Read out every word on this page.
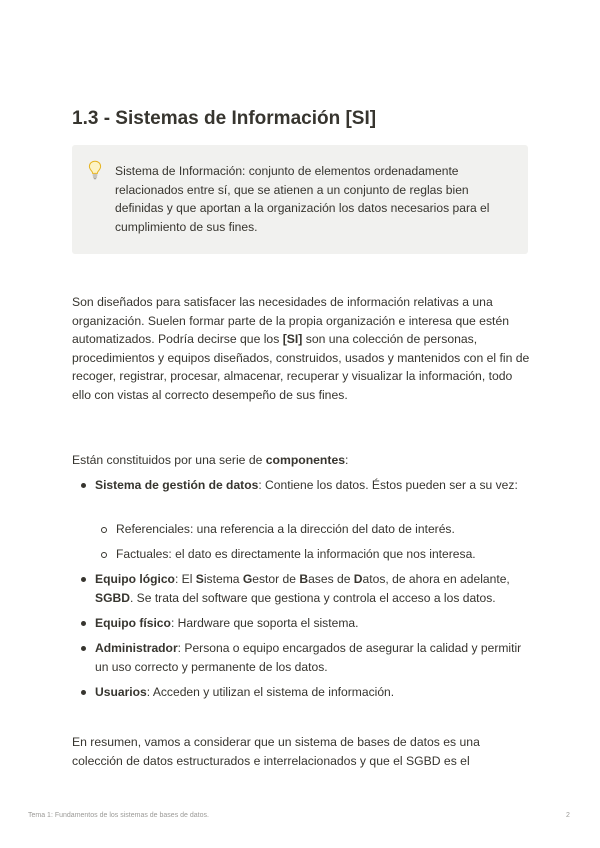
1.3 - Sistemas de Información [SI]
Sistema de Información: conjunto de elementos ordenadamente relacionados entre sí, que se atienen a un conjunto de reglas bien definidas y que aportan a la organización los datos necesarios para el cumplimiento de sus fines.

Son diseñados para satisfacer las necesidades de información relativas a una organización. Suelen formar parte de la propia organización e interesa que estén automatizados. Podría decirse que los [SI] son una colección de personas, procedimientos y equipos diseñados, construidos, usados y mantenidos con el fin de recoger, registrar, procesar, almacenar, recuperar y visualizar la información, todo ello con vistas al correcto desempeño de sus fines.

Están constituidos por una serie de componentes:

Sistema de gestión de datos: Contiene los datos. Éstos pueden ser a su vez:
Referenciales: una referencia a la dirección del dato de interés.
Factuales: el dato es directamente la información que nos interesa.
Equipo lógico: El Sistema Gestor de Bases de Datos, de ahora en adelante, SGBD. Se trata del software que gestiona y controla el acceso a los datos.
Equipo físico: Hardware que soporta el sistema.
Administrador: Persona o equipo encargados de asegurar la calidad y permitir un uso correcto y permanente de los datos.
Usuarios: Acceden y utilizan el sistema de información.

En resumen, vamos a considerar que un sistema de bases de datos es una colección de datos estructurados e interrelacionados y que el SGBD es el

Tema 1: Fundamentos de los sistemas de bases de datos.	2
